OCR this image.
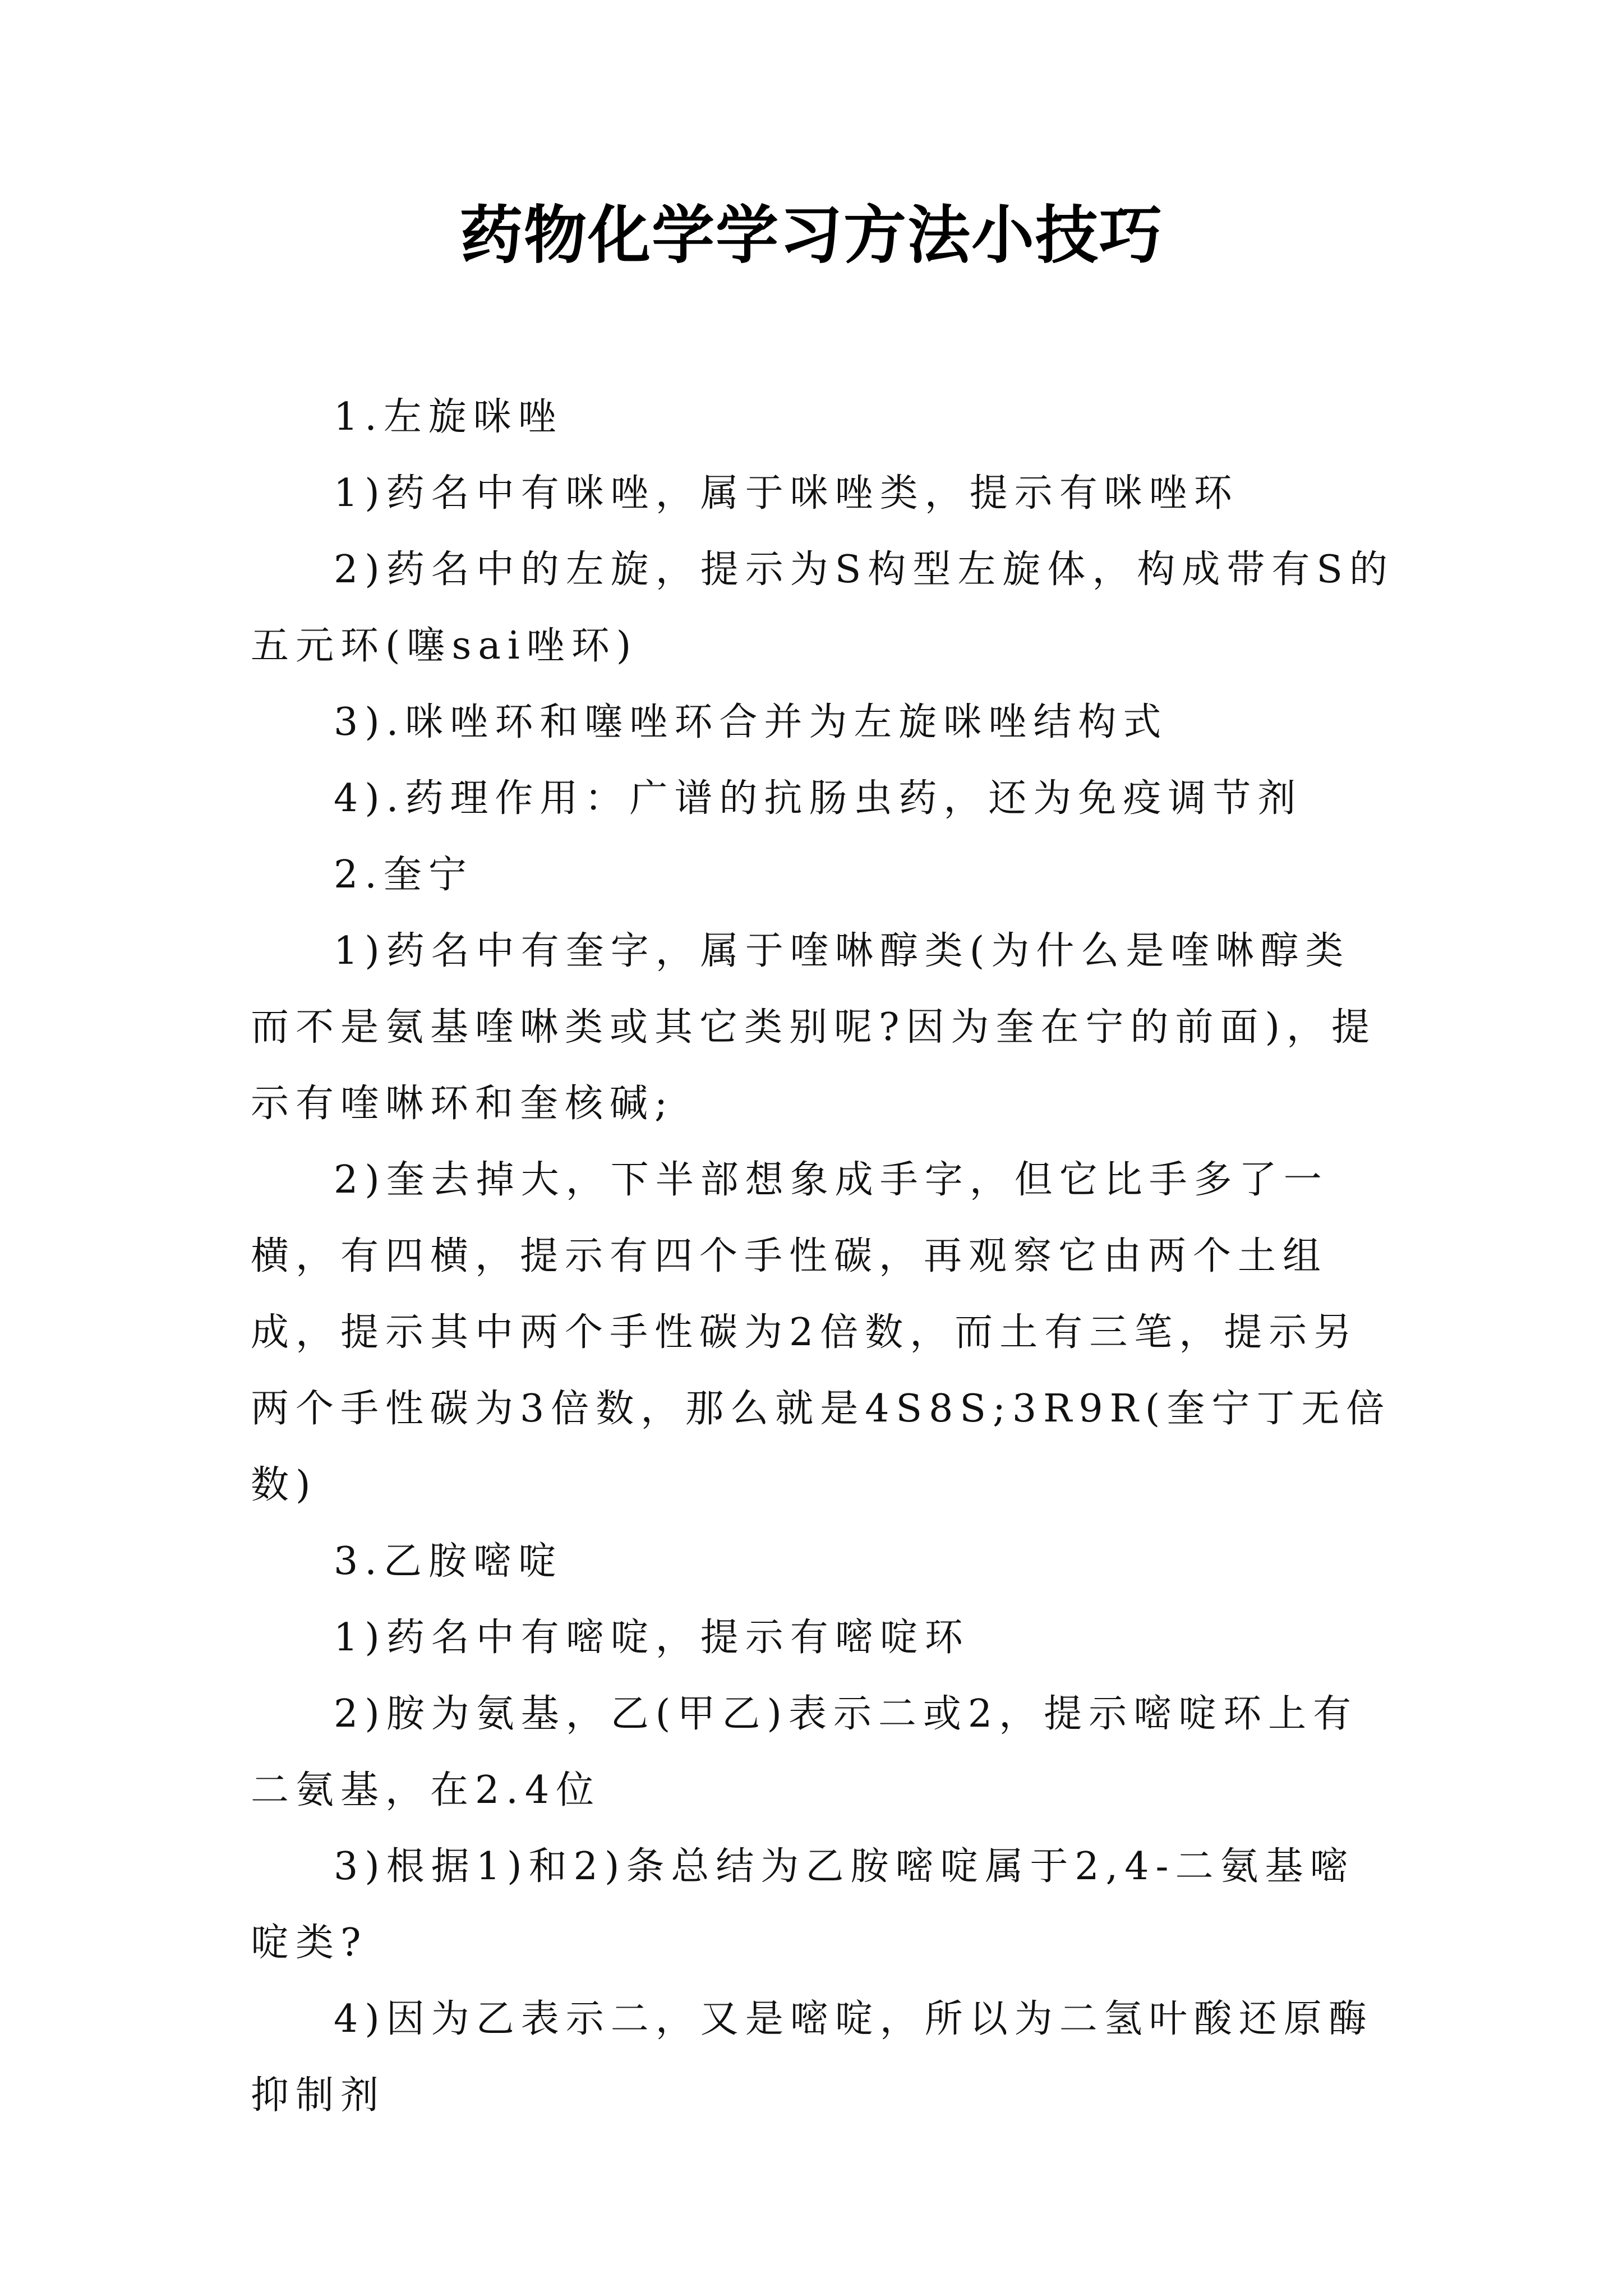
药物化学学习方法小技巧

1.左旋咪唑

1)药名中有咪唑，属于咪唑类，提示有咪唑环

2)药名中的左旋，提示为S构型左旋体，构成带有S的五元环(噻sai唑环)

3).咪唑环和噻唑环合并为左旋咪唑结构式

4).药理作用：广谱的抗肠虫药，还为免疫调节剂

2.奎宁

1)药名中有奎字，属于喹啉醇类(为什么是喹啉醇类而不是氨基喹啉类或其它类别呢?因为奎在宁的前面)，提示有喹啉环和奎核碱;

2)奎去掉大，下半部想象成手字，但它比手多了一横，有四横，提示有四个手性碳，再观察它由两个土组成，提示其中两个手性碳为2倍数，而土有三笔，提示另两个手性碳为3倍数，那么就是4S8S;3R9R(奎宁丁无倍数)

3.乙胺嘧啶

1)药名中有嘧啶，提示有嘧啶环

2)胺为氨基，乙(甲乙)表示二或2，提示嘧啶环上有二氨基，在2.4位

3)根据1)和2)条总结为乙胺嘧啶属于2,4-二氨基嘧啶类?

4)因为乙表示二，又是嘧啶，所以为二氢叶酸还原酶抑制剂
